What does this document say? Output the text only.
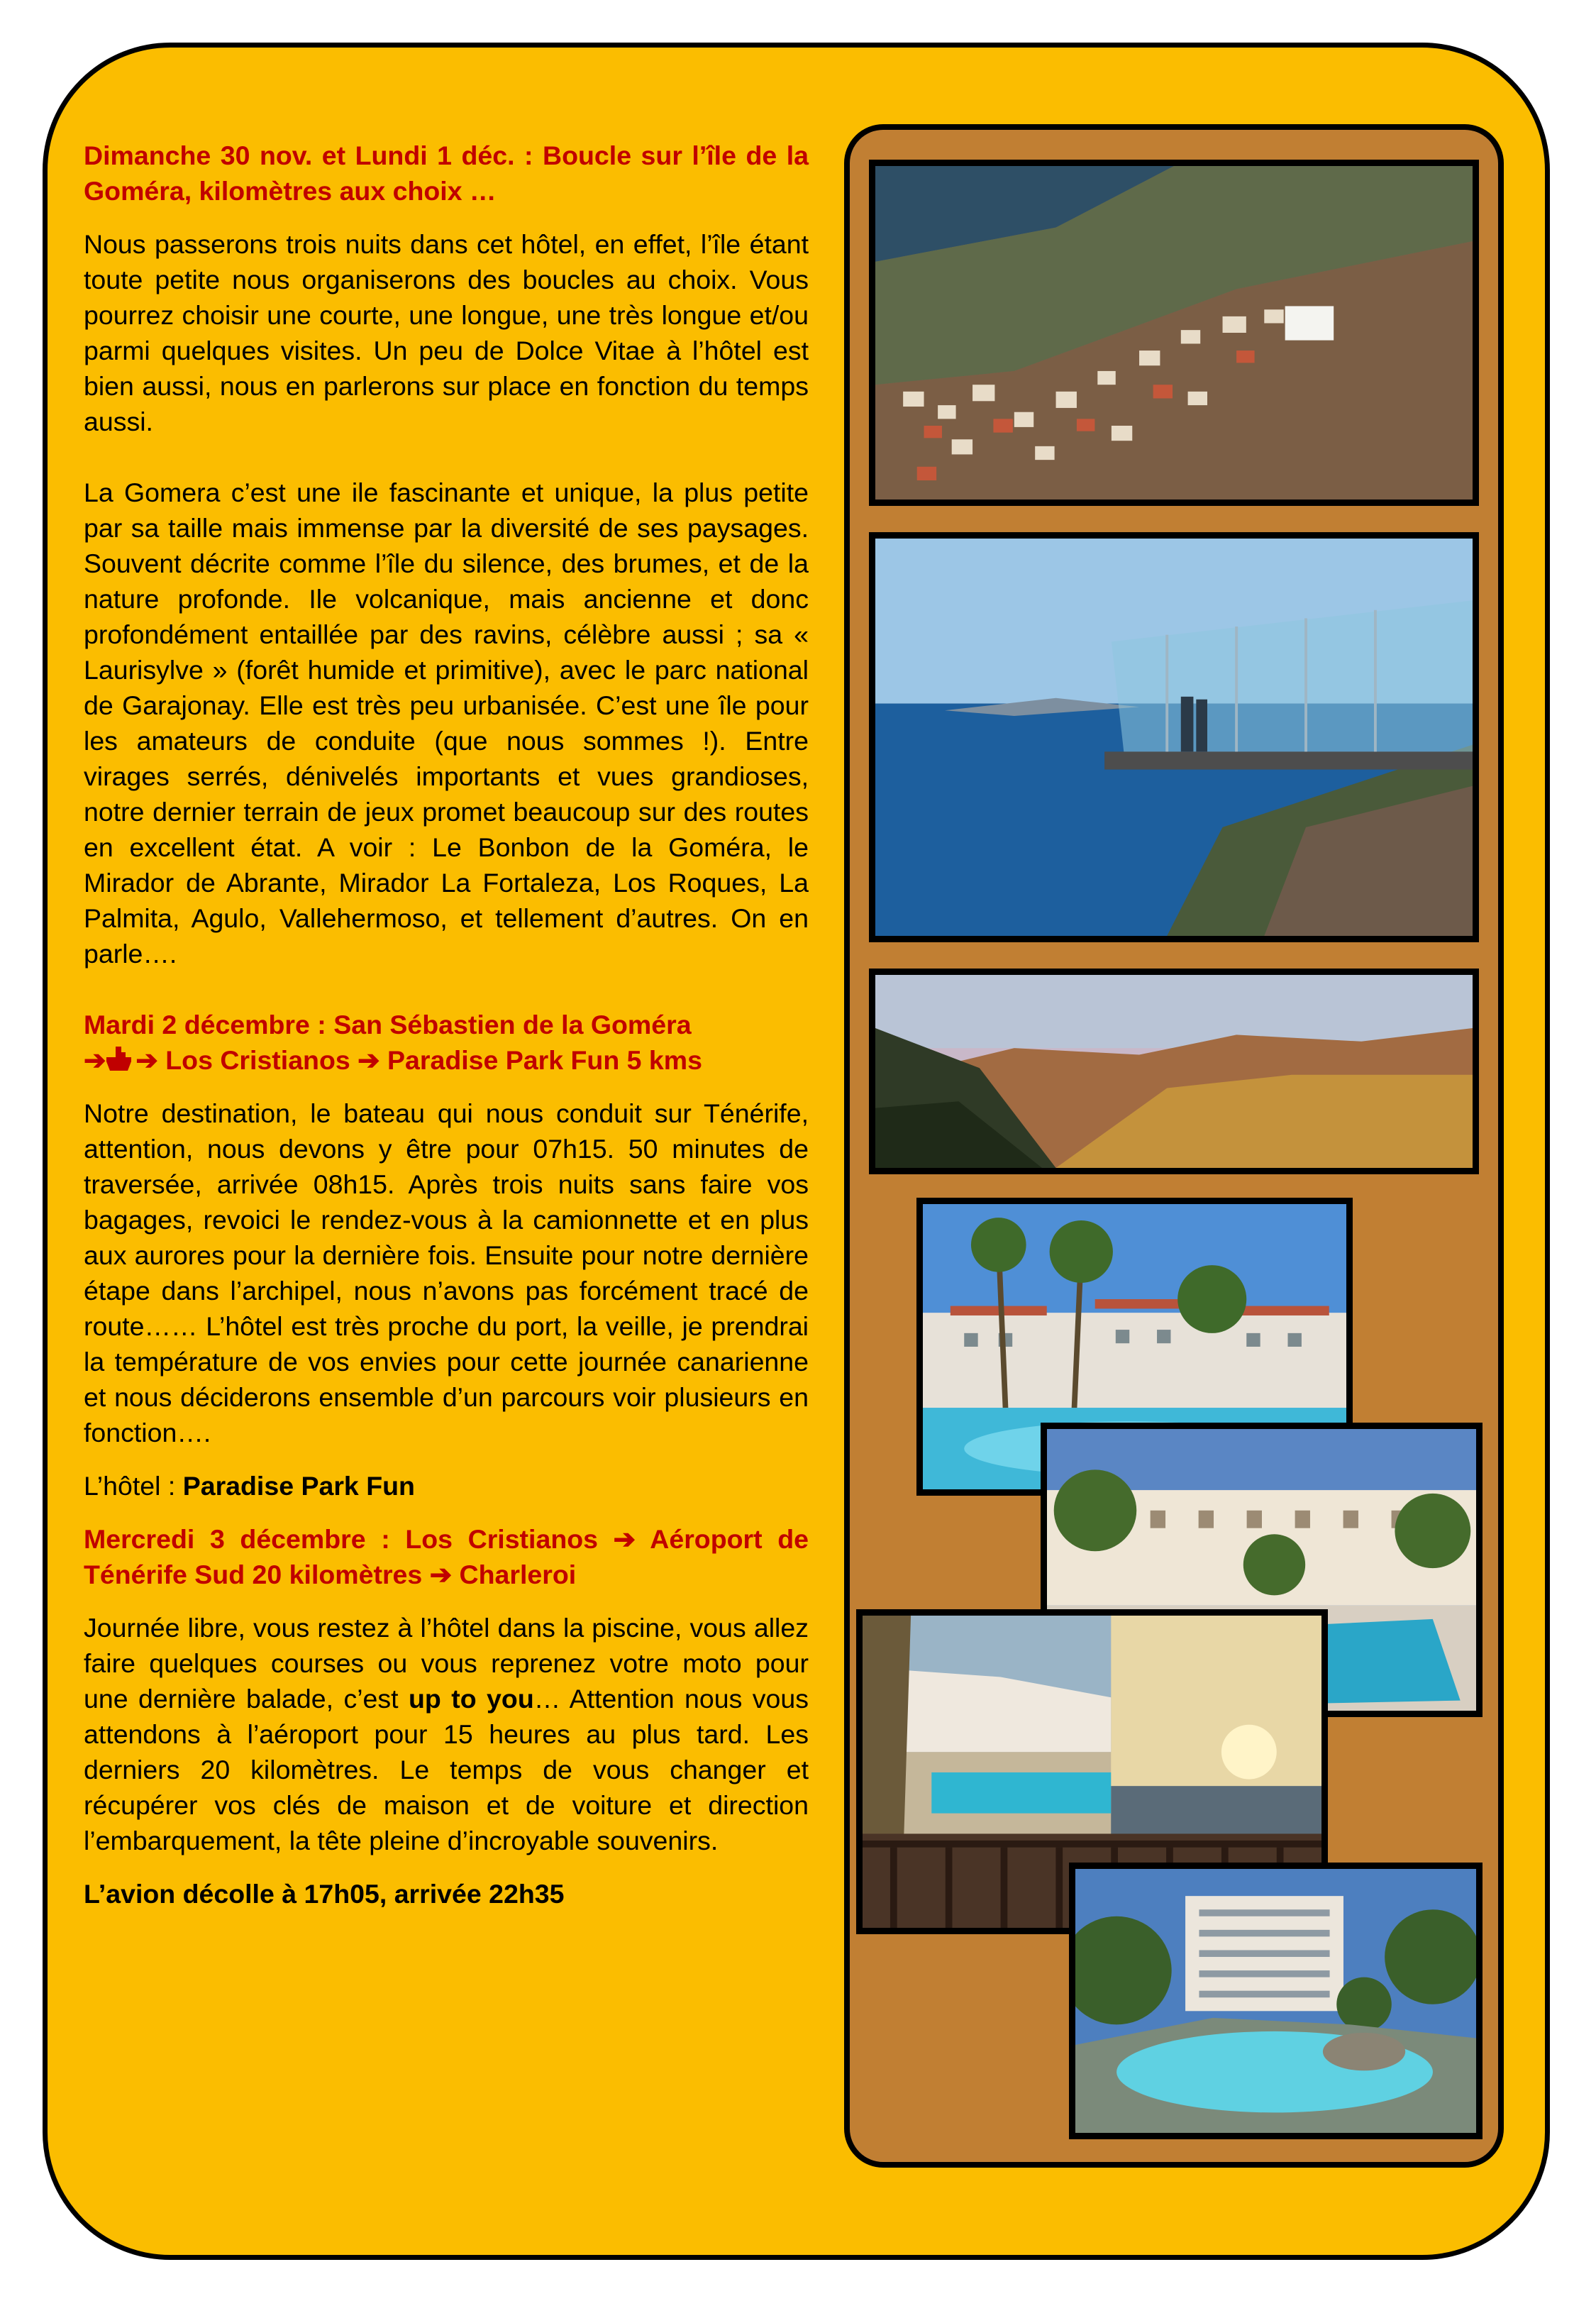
Dimanche 30 nov. et Lundi 1 déc. : Boucle sur l’île de la Goméra, kilomètres aux choix …

Nous passerons trois nuits dans cet hôtel, en effet, l’île étant toute petite nous organiserons des boucles au choix. Vous pourrez choisir une courte, une longue, une très longue et/ou parmi quelques visites. Un peu de Dolce Vitae à l’hôtel est bien aussi, nous en parlerons sur place en fonction du temps aussi.

La Gomera c’est une ile fascinante et unique, la plus petite par sa taille mais immense par la diversité de ses paysages. Souvent décrite comme l’île du silence, des brumes, et de la nature profonde. Ile volcanique, mais ancienne et donc profondément entaillée par des ravins, célèbre aussi ; sa « Laurisylve » (forêt humide et primitive), avec le parc national de Garajonay. Elle est très peu urbanisée. C’est une île pour les amateurs de conduite (que nous sommes !). Entre virages serrés, dénivelés importants et vues grandioses, notre dernier terrain de jeux promet beaucoup sur des routes en excellent état. A voir : Le Bonbon de la Goméra, le Mirador de Abrante, Mirador La Fortaleza, Los Roques, La Palmita, Agulo, Vallehermoso, et tellement d’autres. On en parle….

Mardi 2 décembre : San Sébastien de la Goméra
➔ ➔ Los Cristianos ➔ Paradise Park Fun 5 kms

Notre destination, le bateau qui nous conduit sur Ténérife, attention, nous devons y être pour 07h15. 50 minutes de traversée, arrivée 08h15. Après trois nuits sans faire vos bagages, revoici le rendez-vous à la camionnette et en plus aux aurores pour la dernière fois. Ensuite pour notre dernière étape dans l’archipel, nous n’avons pas forcément tracé de route…… L’hôtel est très proche du port, la veille, je prendrai la température de vos envies pour cette journée canarienne et nous déciderons ensemble d’un parcours voir plusieurs en fonction….

L’hôtel : Paradise Park Fun

Mercredi 3 décembre : Los Cristianos ➔ Aéroport de Ténérife Sud 20 kilomètres ➔ Charleroi

Journée libre, vous restez à l’hôtel dans la piscine, vous allez faire quelques courses ou vous reprenez votre moto pour une dernière balade, c’est up to you… Attention nous vous attendons à l’aéroport pour 15 heures au plus tard. Les derniers 20 kilomètres. Le temps de vous changer et récupérer vos clés de maison et de voiture et direction l’embarquement, la tête pleine d’incroyable souvenirs.

L’avion décolle à 17h05, arrivée 22h35
